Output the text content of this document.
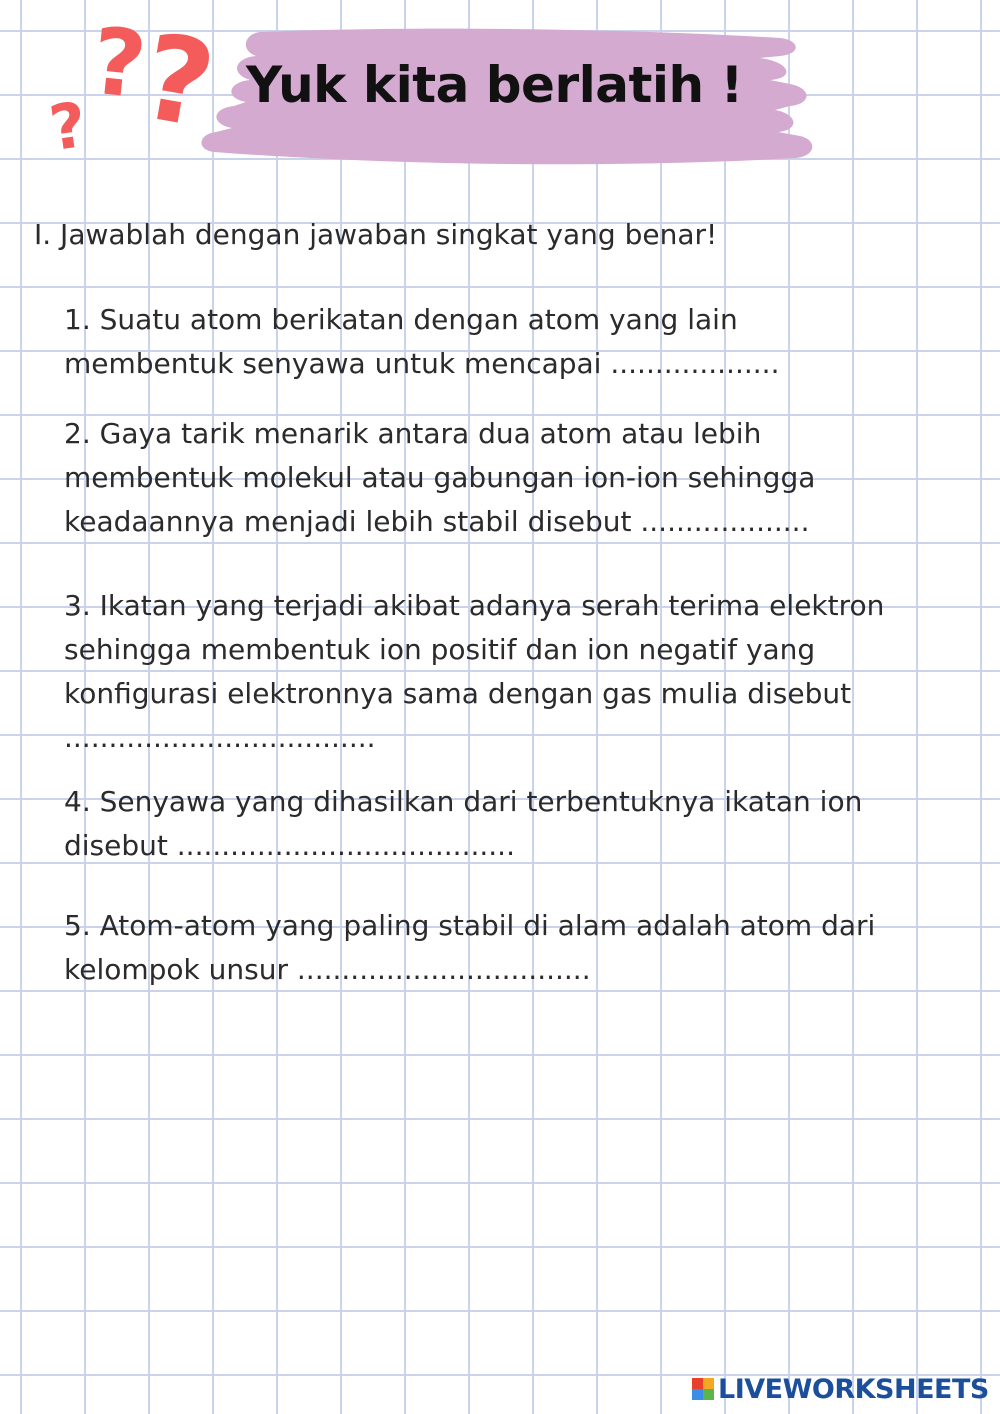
?
?
? Yuk kita berlatih !

I. Jawablah dengan jawaban singkat yang benar!

1. Suatu atom berikatan dengan atom yang lain
membentuk senyawa untuk mencapai ...................
2. Gaya tarik menarik antara dua atom atau lebih
membentuk molekul atau gabungan ion-ion sehingga
keadaannya menjadi lebih stabil disebut ...................
3. Ikatan yang terjadi akibat adanya serah terima elektron
sehingga membentuk ion positif dan ion negatif yang
konfigurasi elektronnya sama dengan gas mulia disebut
...................................
4. Senyawa yang dihasilkan dari terbentuknya ikatan ion
disebut ......................................
5. Atom-atom yang paling stabil di alam adalah atom dari
kelompok unsur .................................
LIVEWORKSHEETS
